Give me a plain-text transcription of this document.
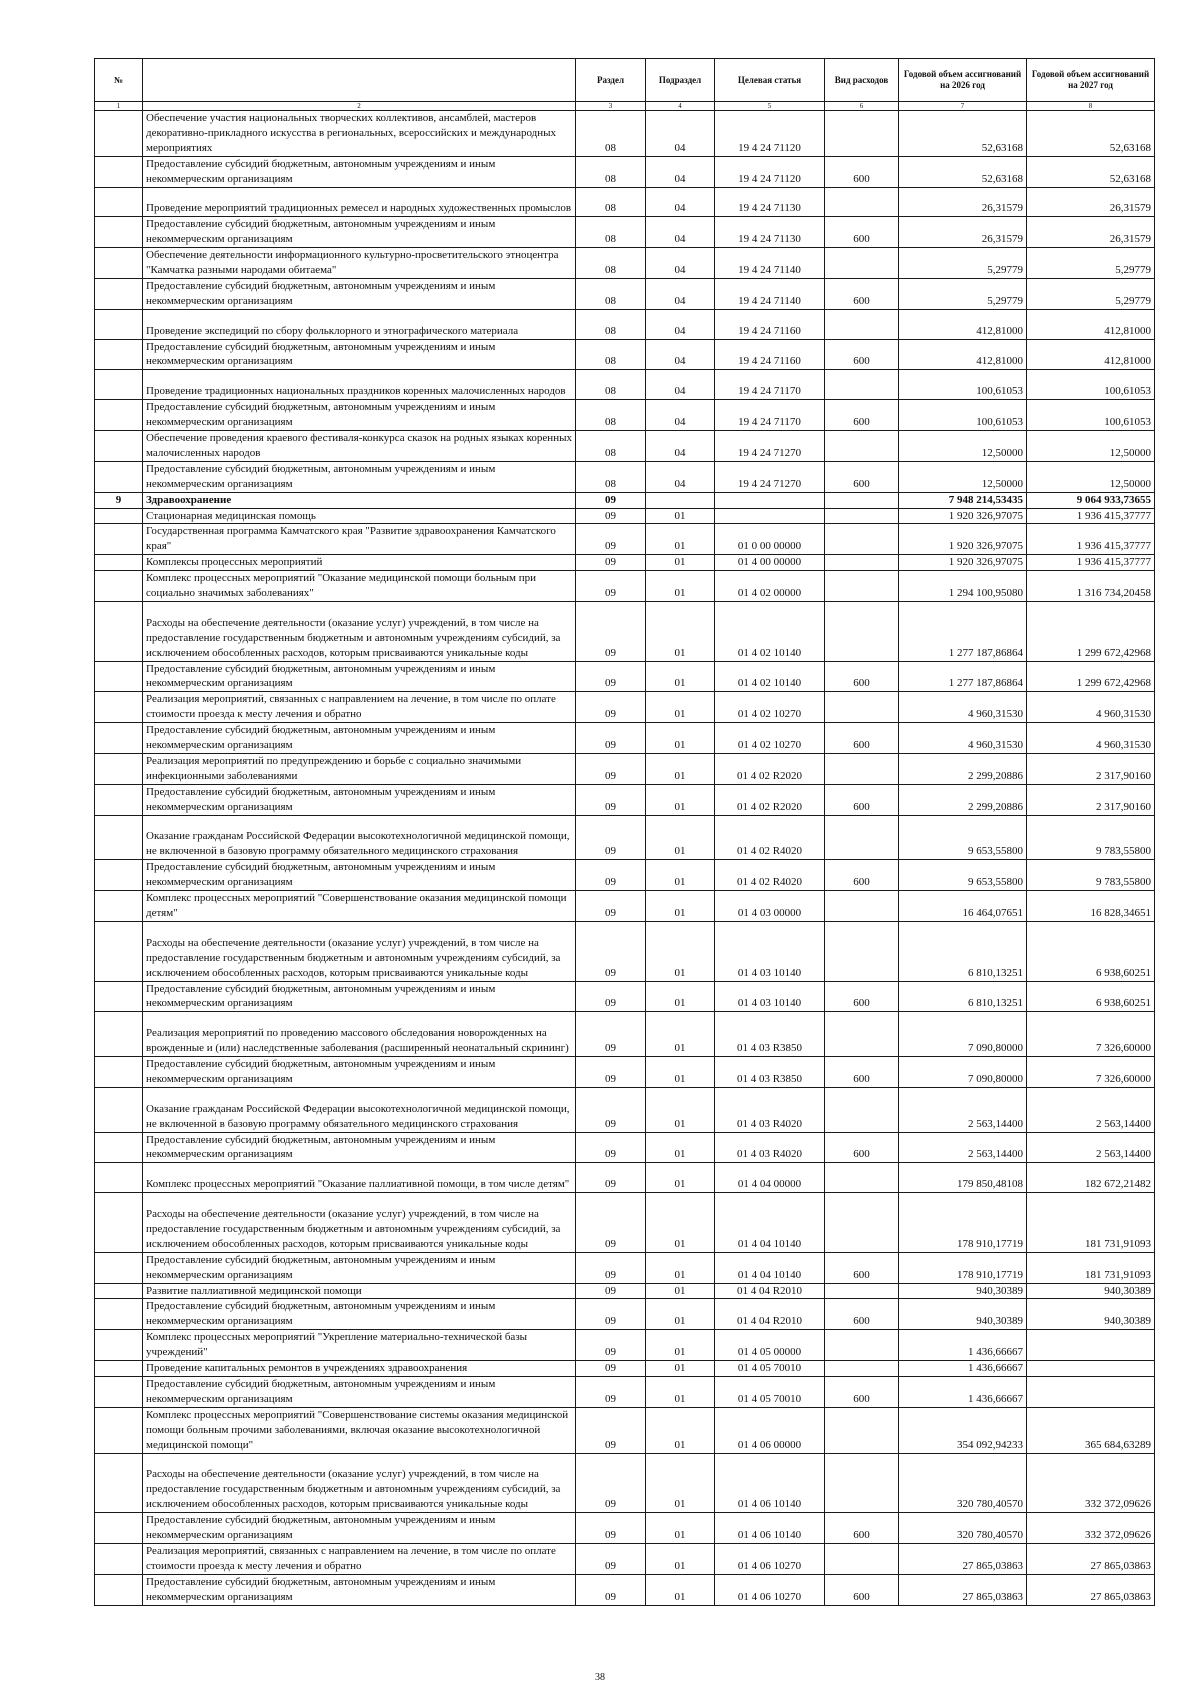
№		Раздел	Подраздел	Целевая статья	Вид расходов	Годовой объем ассигнований на 2026 год	Годовой объем ассигнований на 2027 год
1	2	3	4	5	6	7	8
	Обеспечение участия национальных творческих коллективов, ансамблей, мастеров декоративно-прикладного искусства в региональных, всероссийских и международных мероприятиях	08	04	19 4 24 71120		52,63168	52,63168
	Предоставление субсидий бюджетным, автономным учреждениям и иным некоммерческим организациям	08	04	19 4 24 71120	600	52,63168	52,63168
	Проведение мероприятий традиционных ремесел и народных художественных промыслов	08	04	19 4 24 71130		26,31579	26,31579
	Предоставление субсидий бюджетным, автономным учреждениям и иным некоммерческим организациям	08	04	19 4 24 71130	600	26,31579	26,31579
	Обеспечение деятельности информационного культурно-просветительского этноцентра "Камчатка разными народами обитаема"	08	04	19 4 24 71140		5,29779	5,29779
	Предоставление субсидий бюджетным, автономным учреждениям и иным некоммерческим организациям	08	04	19 4 24 71140	600	5,29779	5,29779
	Проведение экспедиций по сбору фольклорного и этнографического материала	08	04	19 4 24 71160		412,81000	412,81000
	Предоставление субсидий бюджетным, автономным учреждениям и иным некоммерческим организациям	08	04	19 4 24 71160	600	412,81000	412,81000
	Проведение традиционных национальных праздников коренных малочисленных народов	08	04	19 4 24 71170		100,61053	100,61053
	Предоставление субсидий бюджетным, автономным учреждениям и иным некоммерческим организациям	08	04	19 4 24 71170	600	100,61053	100,61053
	Обеспечение проведения краевого фестиваля-конкурса сказок на родных языках коренных малочисленных народов	08	04	19 4 24 71270		12,50000	12,50000
	Предоставление субсидий бюджетным, автономным учреждениям и иным некоммерческим организациям	08	04	19 4 24 71270	600	12,50000	12,50000
9	Здравоохранение	09				7 948 214,53435	9 064 933,73655
	Стационарная медицинская помощь	09	01			1 920 326,97075	1 936 415,37777
	Государственная программа Камчатского края "Развитие здравоохранения Камчатского края"	09	01	01 0 00 00000		1 920 326,97075	1 936 415,37777
	Комплексы процессных мероприятий	09	01	01 4 00 00000		1 920 326,97075	1 936 415,37777
	Комплекс процессных мероприятий "Оказание медицинской помощи больным при социально значимых заболеваниях"	09	01	01 4 02 00000		1 294 100,95080	1 316 734,20458
	Расходы на обеспечение деятельности (оказание услуг) учреждений, в том числе на предоставление государственным бюджетным и автономным учреждениям субсидий, за исключением обособленных расходов, которым присваиваются уникальные коды	09	01	01 4 02 10140		1 277 187,86864	1 299 672,42968
	Предоставление субсидий бюджетным, автономным учреждениям и иным некоммерческим организациям	09	01	01 4 02 10140	600	1 277 187,86864	1 299 672,42968
	Реализация мероприятий, связанных с направлением на лечение, в том числе по оплате стоимости проезда к месту лечения и обратно	09	01	01 4 02 10270		4 960,31530	4 960,31530
	Предоставление субсидий бюджетным, автономным учреждениям и иным некоммерческим организациям	09	01	01 4 02 10270	600	4 960,31530	4 960,31530
	Реализация мероприятий по предупреждению и борьбе с социально значимыми инфекционными заболеваниями	09	01	01 4 02 R2020		2 299,20886	2 317,90160
	Предоставление субсидий бюджетным, автономным учреждениям и иным некоммерческим организациям	09	01	01 4 02 R2020	600	2 299,20886	2 317,90160
	Оказание гражданам Российской Федерации высокотехнологичной медицинской помощи, не включенной в базовую программу обязательного медицинского страхования	09	01	01 4 02 R4020		9 653,55800	9 783,55800
	Предоставление субсидий бюджетным, автономным учреждениям и иным некоммерческим организациям	09	01	01 4 02 R4020	600	9 653,55800	9 783,55800
	Комплекс процессных мероприятий "Совершенствование оказания медицинской помощи детям"	09	01	01 4 03 00000		16 464,07651	16 828,34651
	Расходы на обеспечение деятельности (оказание услуг) учреждений, в том числе на предоставление государственным бюджетным и автономным учреждениям субсидий, за исключением обособленных расходов, которым присваиваются уникальные коды	09	01	01 4 03 10140		6 810,13251	6 938,60251
	Предоставление субсидий бюджетным, автономным учреждениям и иным некоммерческим организациям	09	01	01 4 03 10140	600	6 810,13251	6 938,60251
	Реализация мероприятий по проведению массового обследования новорожденных на врожденные и (или) наследственные заболевания (расширенный неонатальный скрининг)	09	01	01 4 03 R3850		7 090,80000	7 326,60000
	Предоставление субсидий бюджетным, автономным учреждениям и иным некоммерческим организациям	09	01	01 4 03 R3850	600	7 090,80000	7 326,60000
	Оказание гражданам Российской Федерации высокотехнологичной медицинской помощи, не включенной в базовую программу обязательного медицинского страхования	09	01	01 4 03 R4020		2 563,14400	2 563,14400
	Предоставление субсидий бюджетным, автономным учреждениям и иным некоммерческим организациям	09	01	01 4 03 R4020	600	2 563,14400	2 563,14400
	Комплекс процессных мероприятий "Оказание паллиативной помощи, в том числе детям"	09	01	01 4 04 00000		179 850,48108	182 672,21482
	Расходы на обеспечение деятельности (оказание услуг) учреждений, в том числе на предоставление государственным бюджетным и автономным учреждениям субсидий, за исключением обособленных расходов, которым присваиваются уникальные коды	09	01	01 4 04 10140		178 910,17719	181 731,91093
	Предоставление субсидий бюджетным, автономным учреждениям и иным некоммерческим организациям	09	01	01 4 04 10140	600	178 910,17719	181 731,91093
	Развитие паллиативной медицинской помощи	09	01	01 4 04 R2010		940,30389	940,30389
	Предоставление субсидий бюджетным, автономным учреждениям и иным некоммерческим организациям	09	01	01 4 04 R2010	600	940,30389	940,30389
	Комплекс процессных мероприятий "Укрепление материально-технической базы учреждений"	09	01	01 4 05 00000		1 436,66667	
	Проведение капитальных ремонтов в учреждениях здравоохранения	09	01	01 4 05 70010		1 436,66667	
	Предоставление субсидий бюджетным, автономным учреждениям и иным некоммерческим организациям	09	01	01 4 05 70010	600	1 436,66667	
	Комплекс процессных мероприятий "Совершенствование системы оказания медицинской помощи больным прочими заболеваниями, включая оказание высокотехнологичной медицинской помощи"	09	01	01 4 06 00000		354 092,94233	365 684,63289
	Расходы на обеспечение деятельности (оказание услуг) учреждений, в том числе на предоставление государственным бюджетным и автономным учреждениям субсидий, за исключением обособленных расходов, которым присваиваются уникальные коды	09	01	01 4 06 10140		320 780,40570	332 372,09626
	Предоставление субсидий бюджетным, автономным учреждениям и иным некоммерческим организациям	09	01	01 4 06 10140	600	320 780,40570	332 372,09626
	Реализация мероприятий, связанных с направлением на лечение, в том числе по оплате стоимости проезда к месту лечения и обратно	09	01	01 4 06 10270		27 865,03863	27 865,03863
	Предоставление субсидий бюджетным, автономным учреждениям и иным некоммерческим организациям	09	01	01 4 06 10270	600	27 865,03863	27 865,03863
38
